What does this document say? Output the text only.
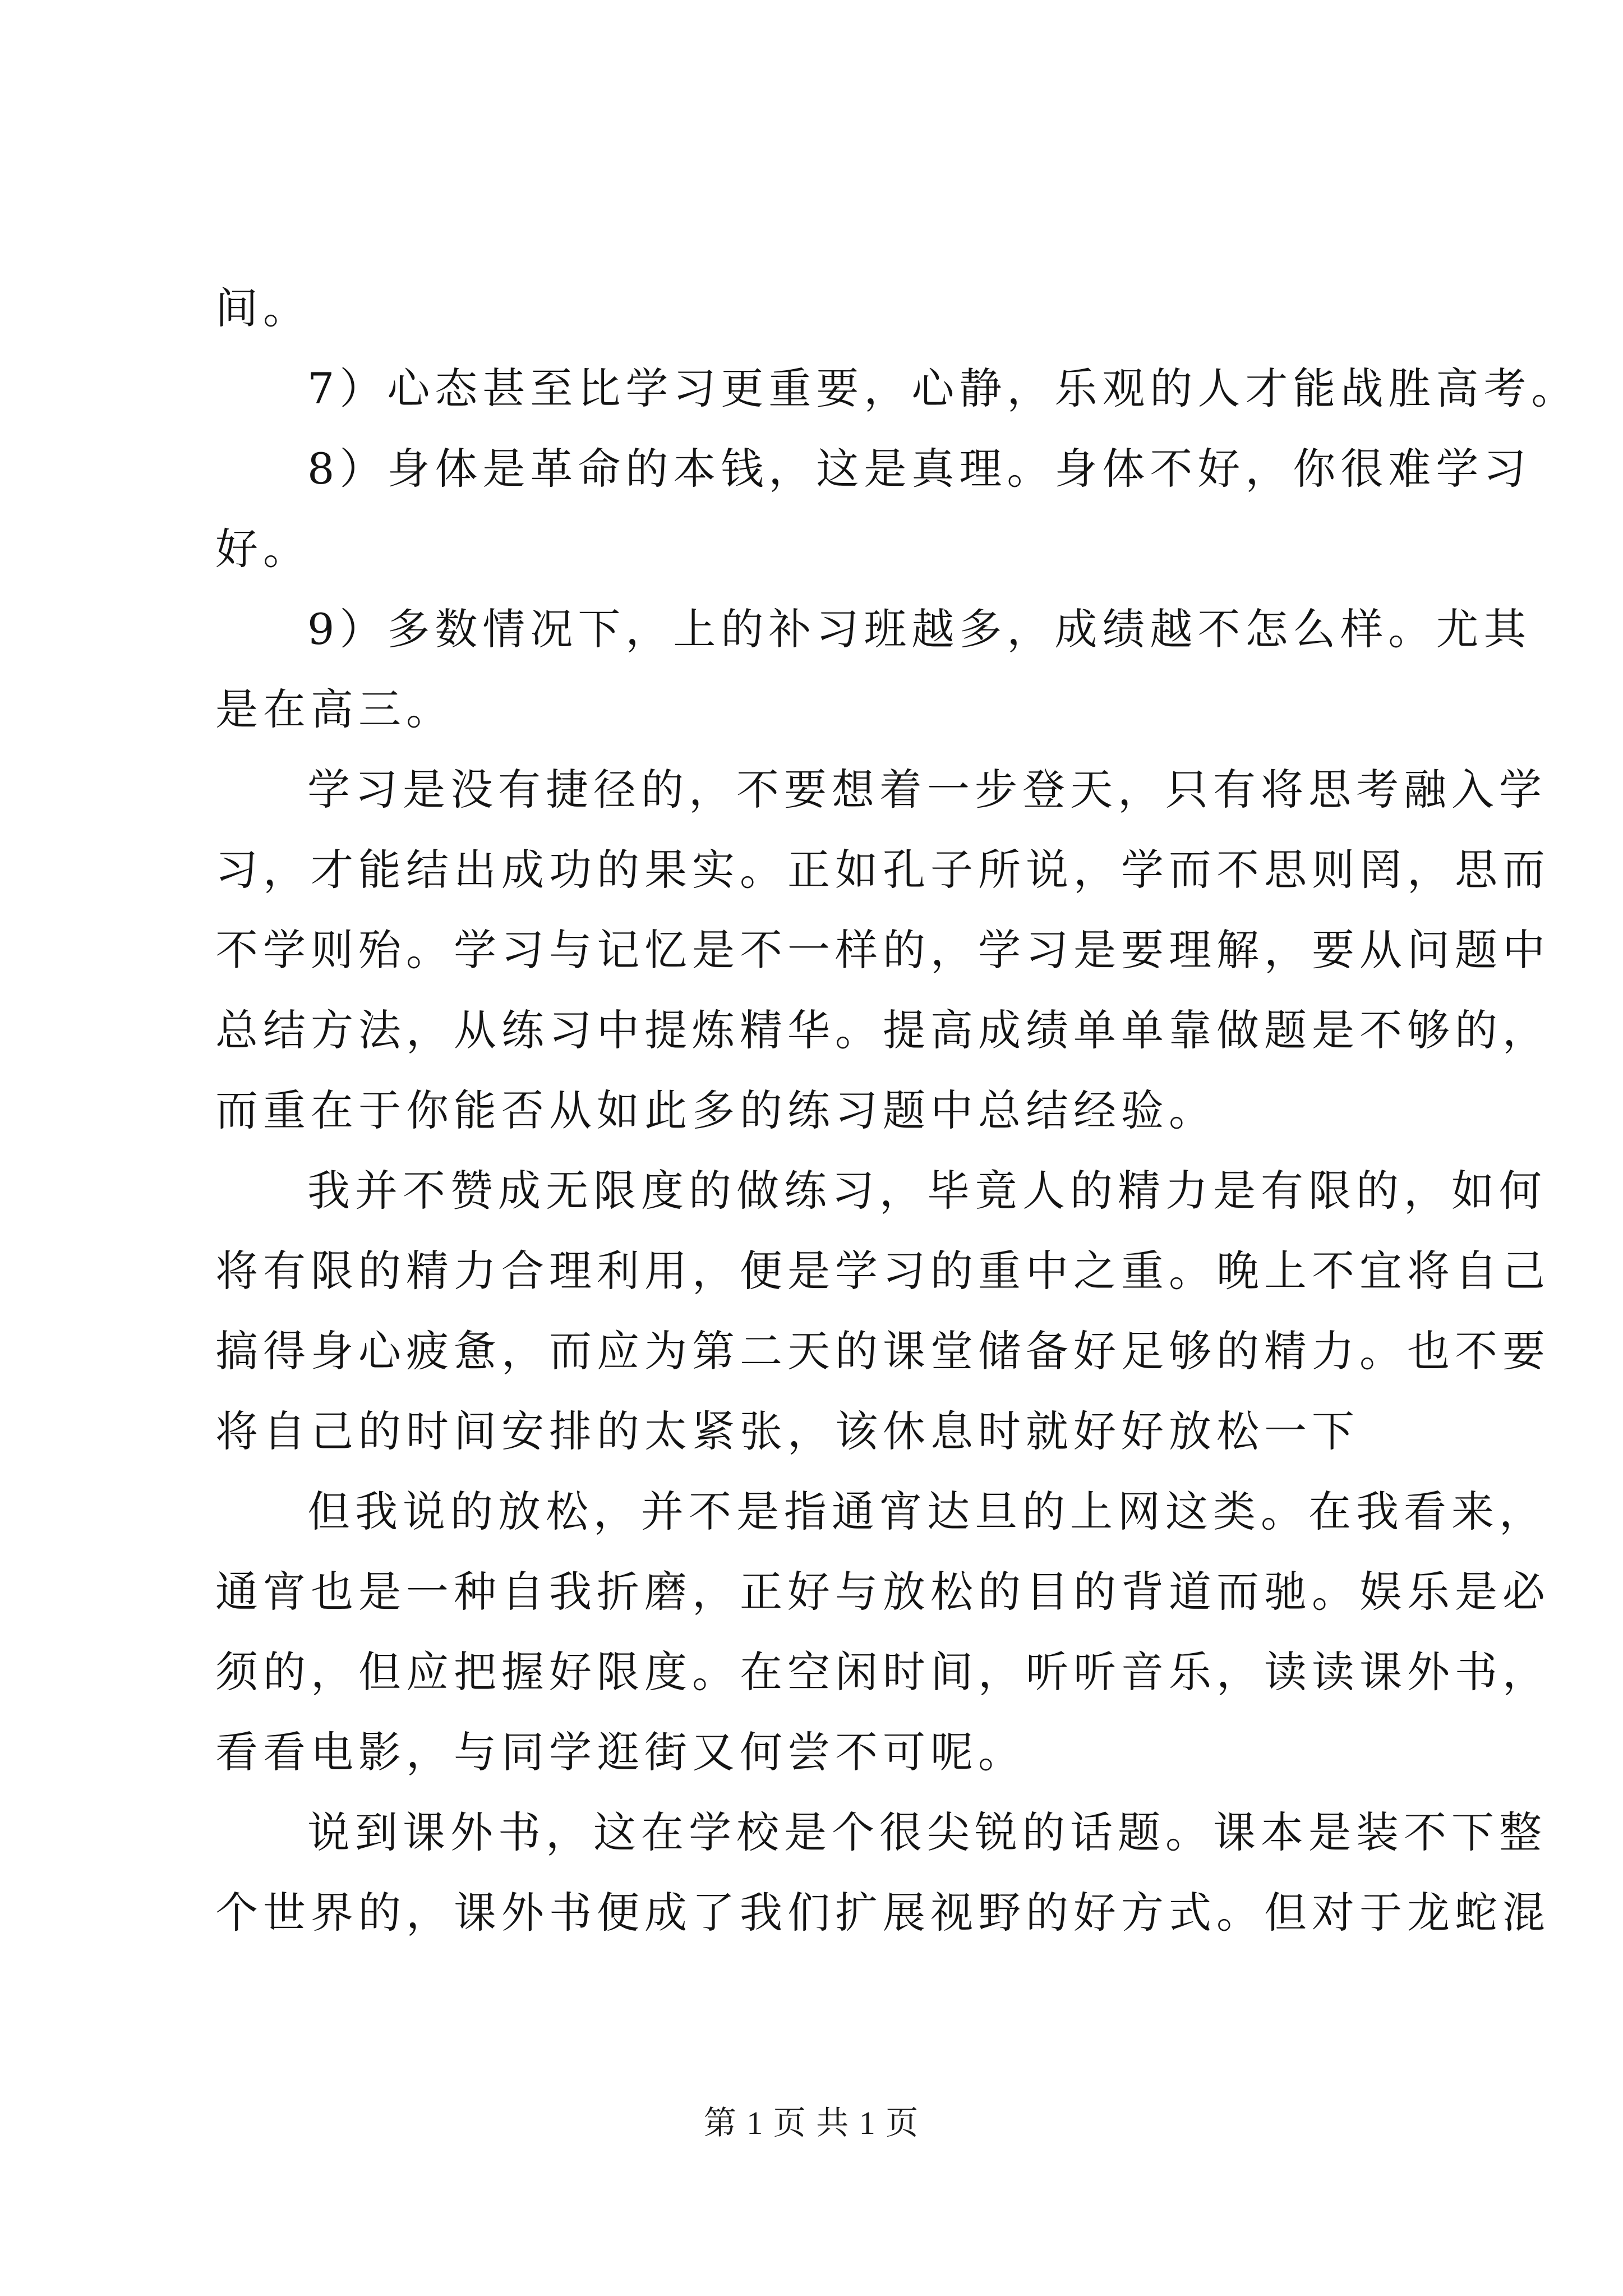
间。
7）心态甚至比学习更重要，心静，乐观的人才能战胜高考。
8）身体是革命的本钱，这是真理。身体不好，你很难学习
好。
9）多数情况下，上的补习班越多，成绩越不怎么样。尤其
是在高三。
学习是没有捷径的，不要想着一步登天，只有将思考融入学
习，才能结出成功的果实。正如孔子所说，学而不思则罔，思而
不学则殆。学习与记忆是不一样的，学习是要理解，要从问题中
总结方法，从练习中提炼精华。提高成绩单单靠做题是不够的，
而重在于你能否从如此多的练习题中总结经验。
我并不赞成无限度的做练习，毕竟人的精力是有限的，如何
将有限的精力合理利用，便是学习的重中之重。晚上不宜将自己
搞得身心疲惫，而应为第二天的课堂储备好足够的精力。也不要
将自己的时间安排的太紧张，该休息时就好好放松一下
但我说的放松，并不是指通宵达旦的上网这类。在我看来，
通宵也是一种自我折磨，正好与放松的目的背道而驰。娱乐是必
须的，但应把握好限度。在空闲时间，听听音乐，读读课外书，
看看电影，与同学逛街又何尝不可呢。
说到课外书，这在学校是个很尖锐的话题。课本是装不下整
个世界的，课外书便成了我们扩展视野的好方式。但对于龙蛇混
第 1 页 共 1 页
